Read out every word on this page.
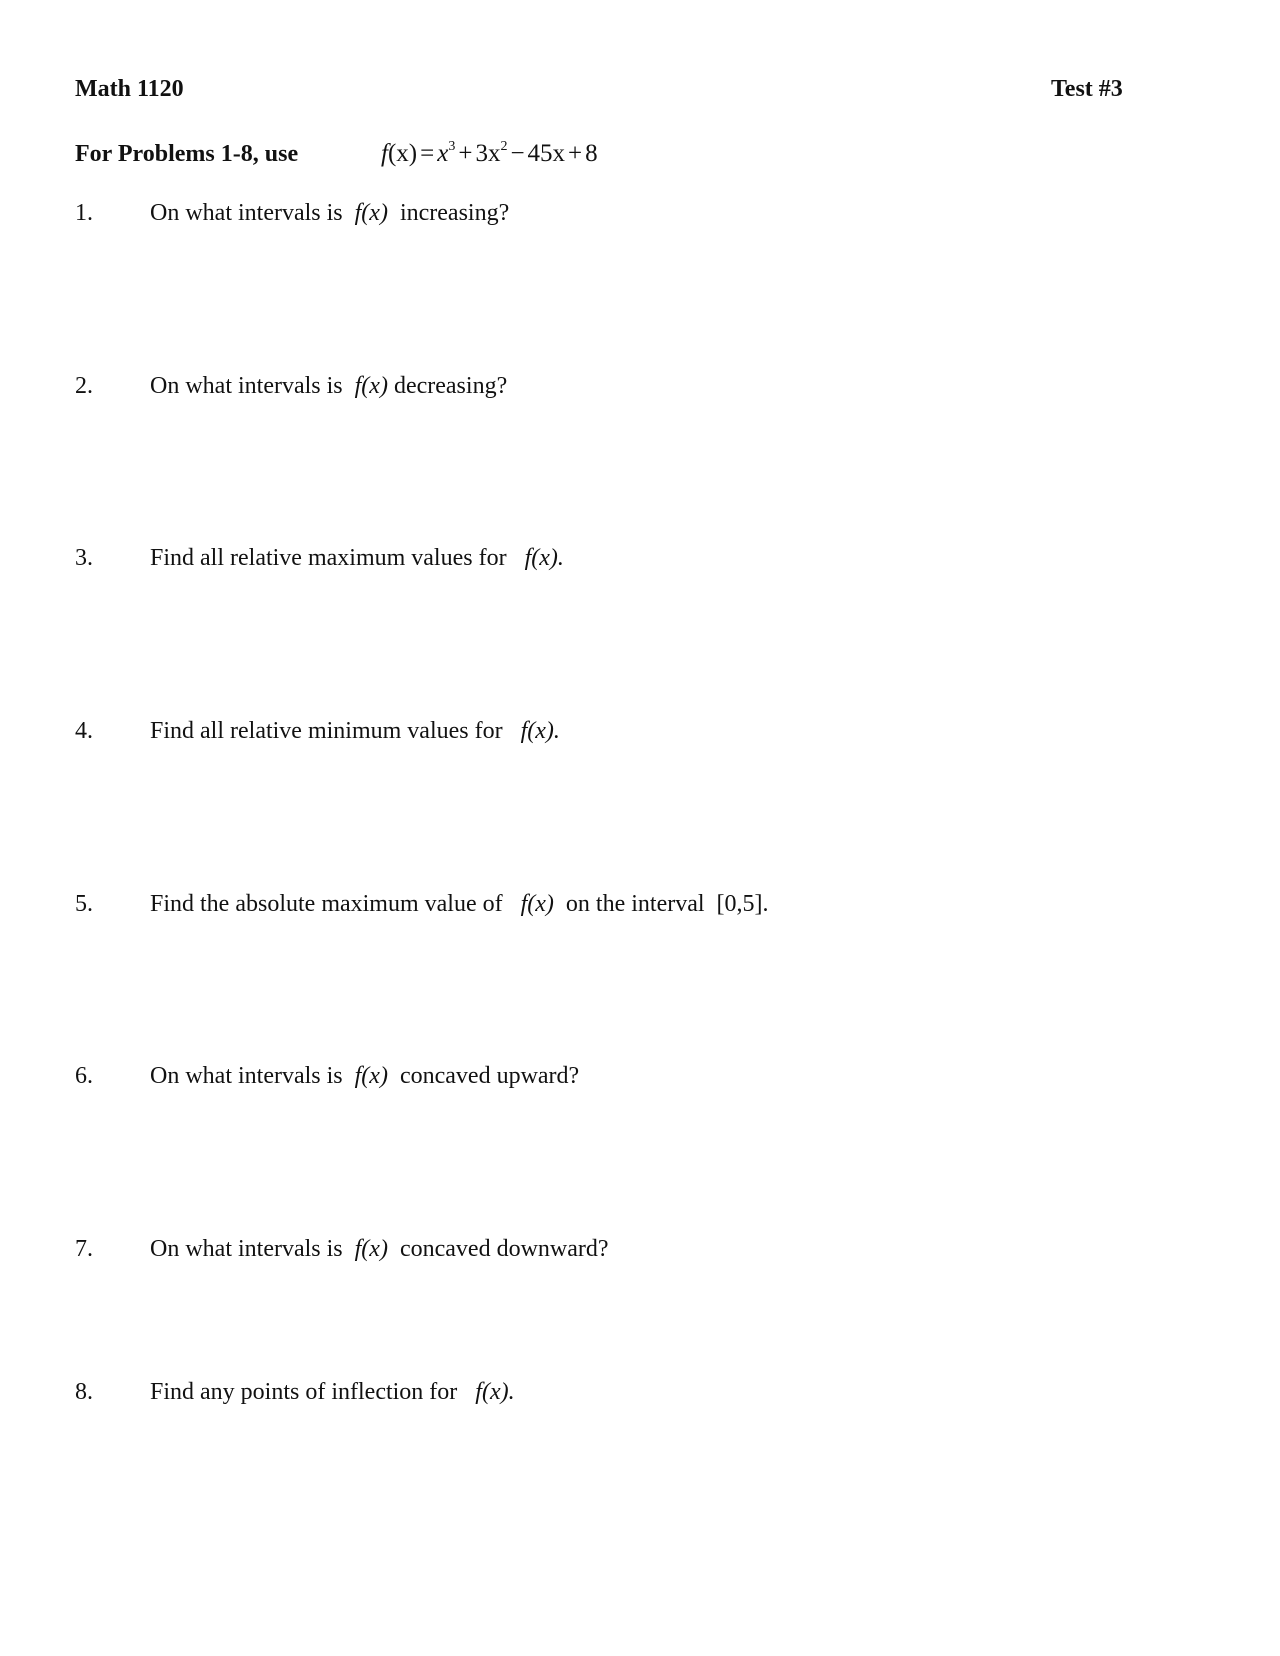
Math 1120	Test #3
For Problems 1-8, use	$f(x) = x^3 + 3x^2 - 45x + 8$
1. On what intervals is f(x) increasing?
2. On what intervals is f(x) decreasing?
3. Find all relative maximum values for f(x).
4. Find all relative minimum values for f(x).
5. Find the absolute maximum value of f(x) on the interval  [0,5].
6. On what intervals is f(x) concaved upward?
7. On what intervals is f(x) concaved downward?
8. Find any points of inflection for f(x).
